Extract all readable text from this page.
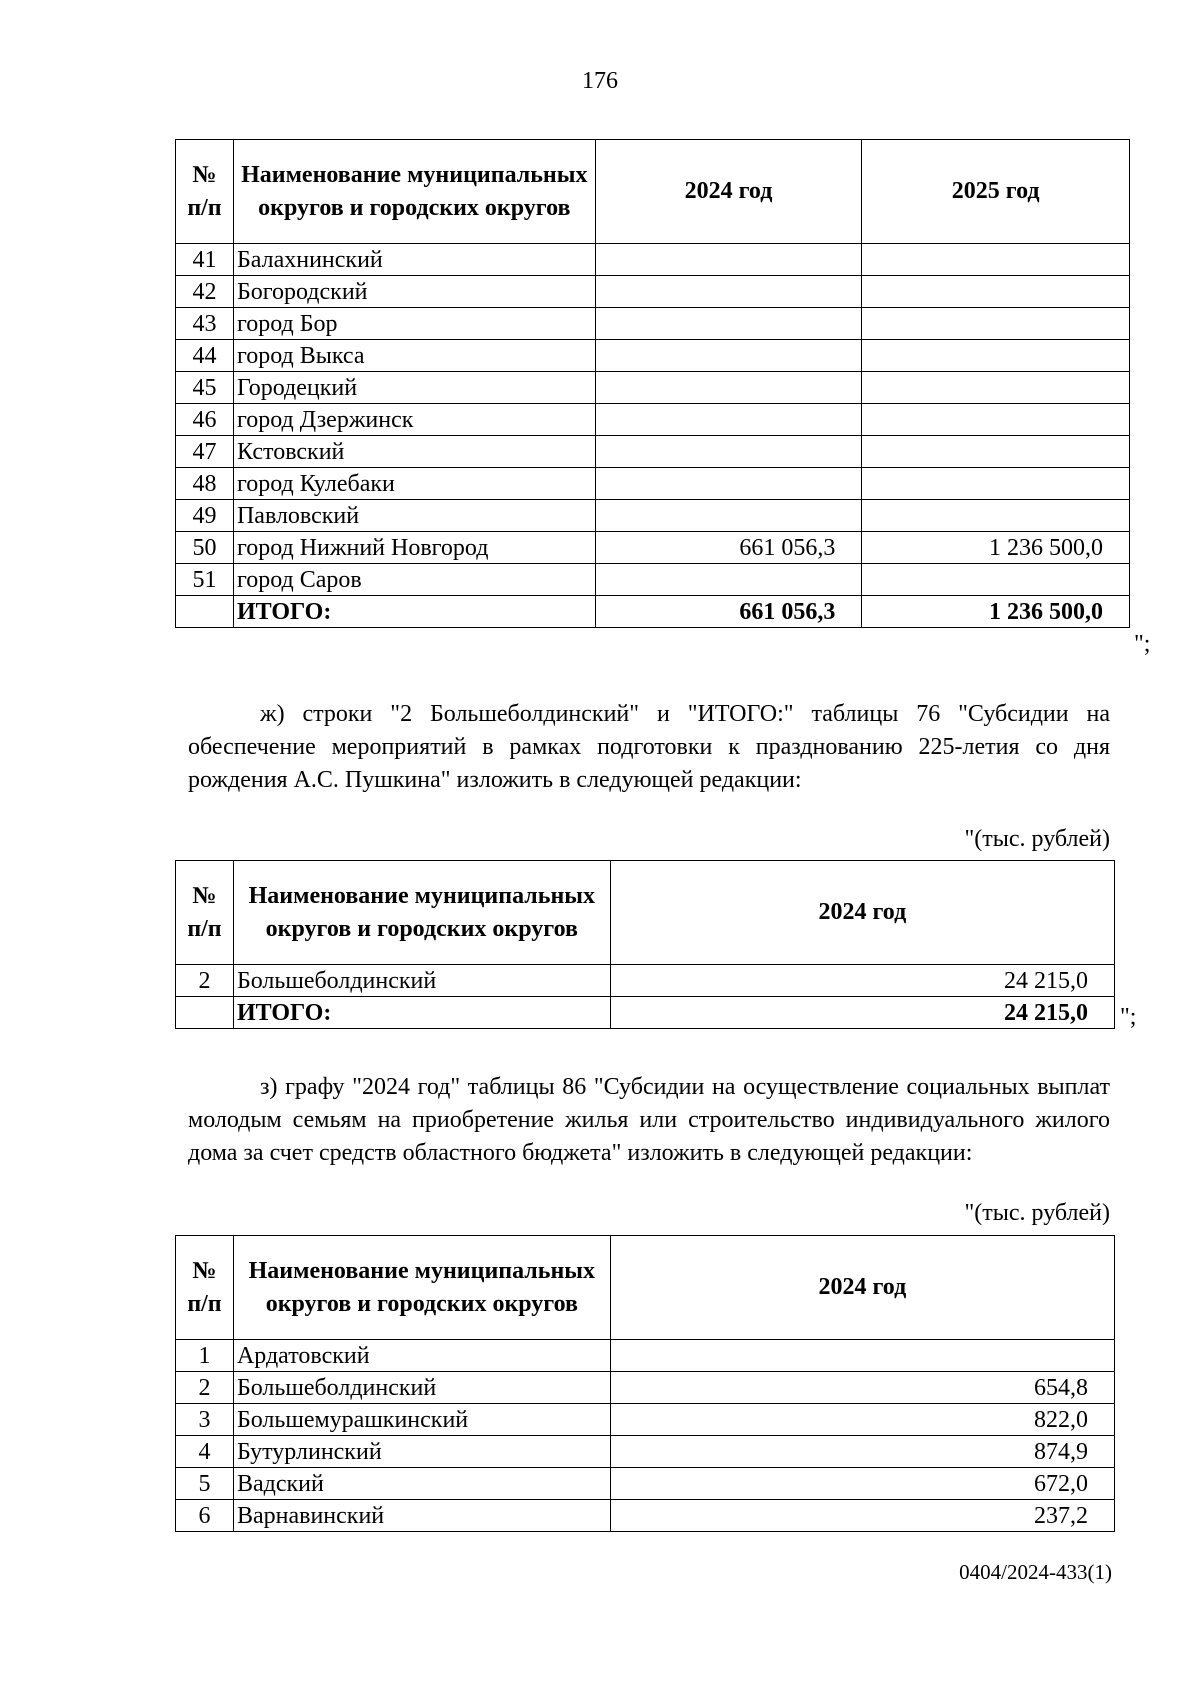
176
№ п/п	Наименование муниципальных округов и городских округов	2024 год	2025 год
41	Балахнинский		
42	Богородский		
43	город Бор		
44	город Выкса		
45	Городецкий		
46	город Дзержинск		
47	Кстовский		
48	город Кулебаки		
49	Павловский		
50	город Нижний Новгород	661 056,3	1 236 500,0
51	город Саров		
	ИТОГО:	661 056,3	1 236 500,0
";
ж) строки "2 Большеболдинский" и "ИТОГО:" таблицы 76 "Субсидии на обеспечение мероприятий в рамках подготовки к празднованию 225-летия со дня рождения А.С. Пушкина" изложить в следующей редакции:
"(тыс. рублей)
№ п/п	Наименование муниципальных округов и городских округов	2024 год
2	Большеболдинский	24 215,0
	ИТОГО:	24 215,0 ";
з) графу "2024 год" таблицы 86 "Субсидии на осуществление социальных выплат молодым семьям на приобретение жилья или строительство индивидуального жилого дома за счет средств областного бюджета" изложить в следующей редакции:
"(тыс. рублей)
№ п/п	Наименование муниципальных округов и городских округов	2024 год
1	Ардатовский	
2	Большеболдинский	654,8
3	Большемурашкинский	822,0
4	Бутурлинский	874,9
5	Вадский	672,0
6	Варнавинский	237,2
0404/2024-433(1)
